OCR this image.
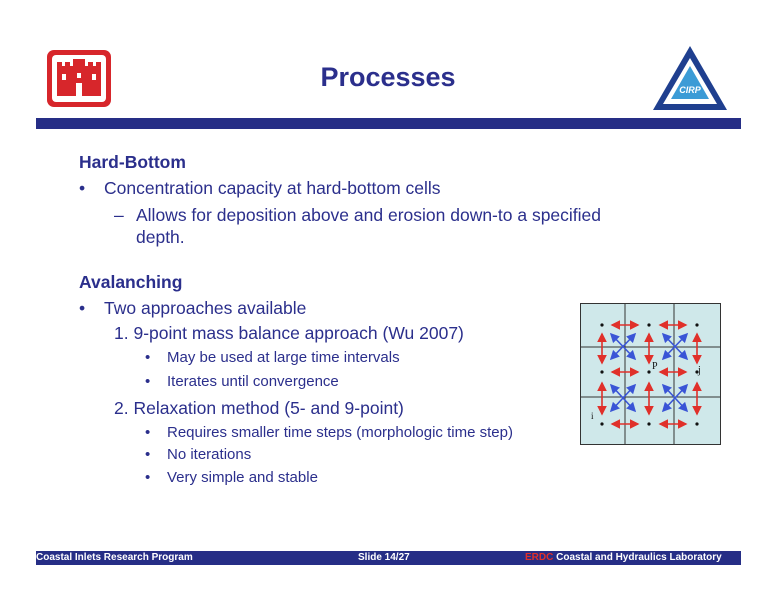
Processes	CIRP
Hard-Bottom
• Concentration capacity at hard-bottom cells
– Allows for deposition above and erosion down-to a specified
depth.
Avalanching
• Two approaches available
1. 9-point mass balance approach (Wu 2007)
• May be used at large time intervals
• Iterates until convergence
2. Relaxation method (5- and 9-point)
• Requires smaller time steps (morphologic time step)
• No iterations
• Very simple and stable
P	j
i
Coastal Inlets Research Program	Slide 14/27	ERDC Coastal and Hydraulics Laboratory
